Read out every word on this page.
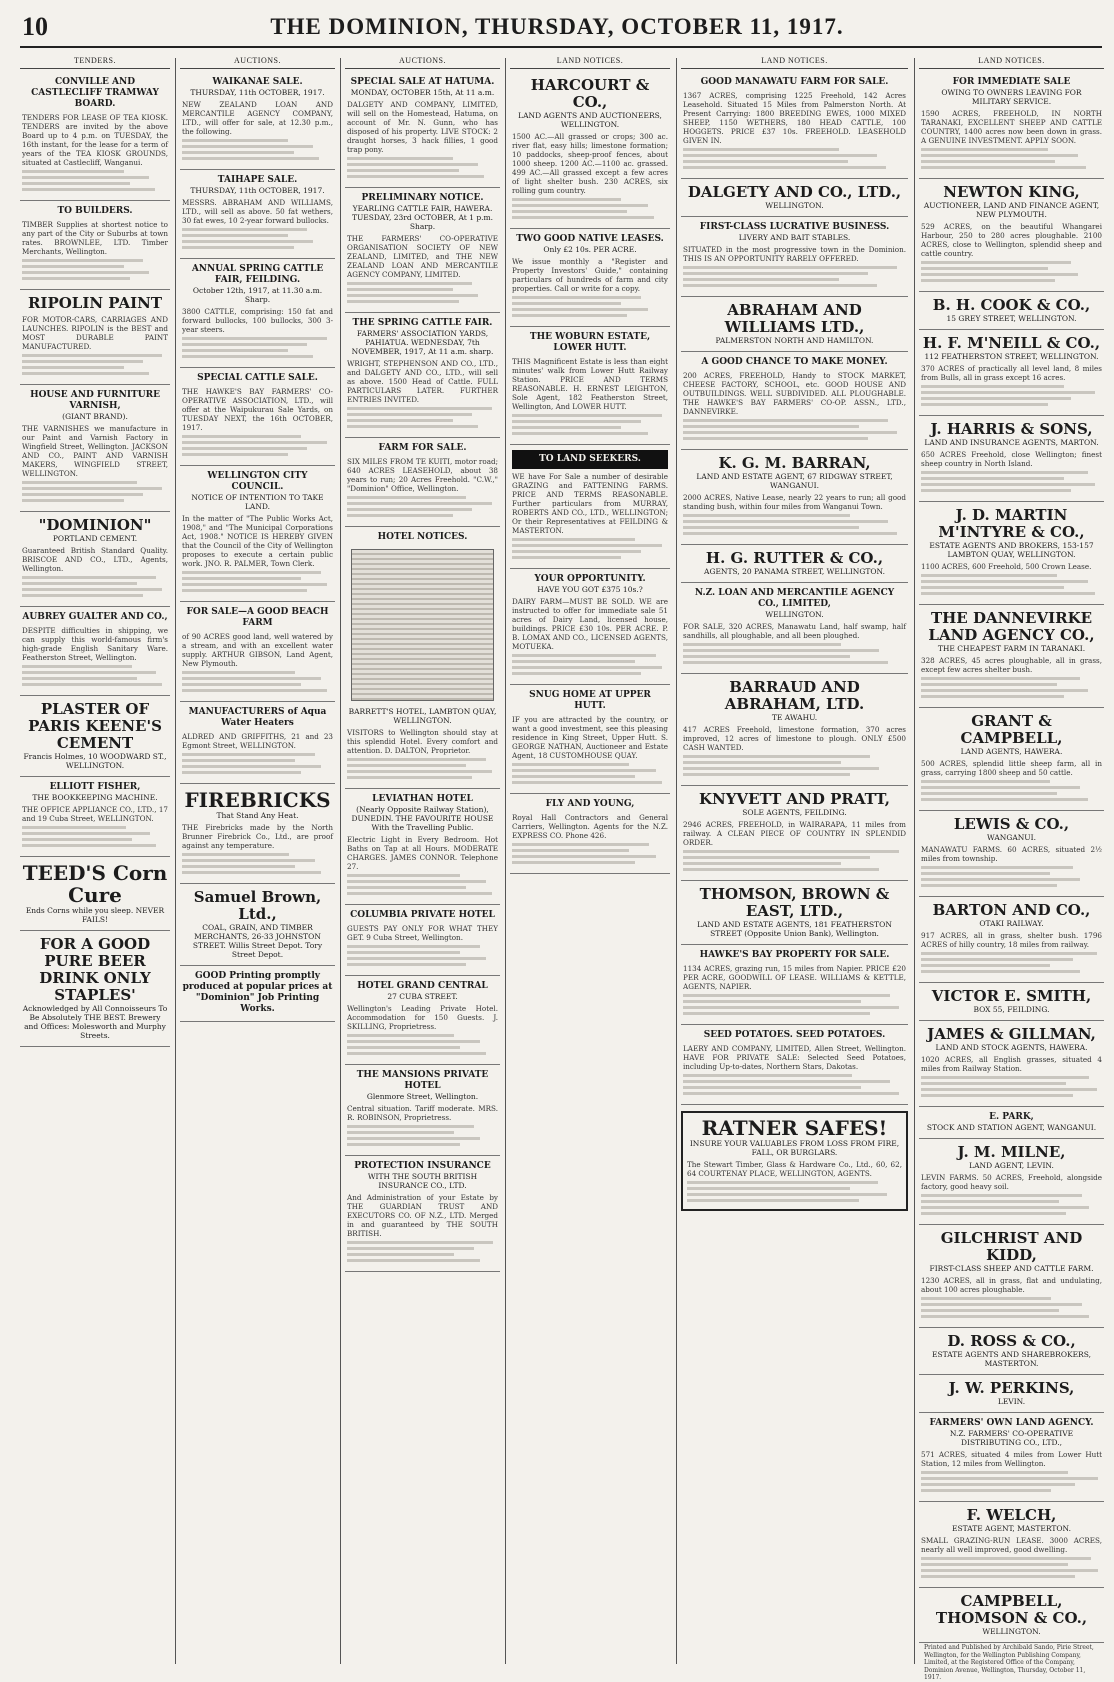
10	THE DOMINION, THURSDAY, OCTOBER 11, 1917.
TENDERS.
CONVILLE AND CASTLECLIFF TRAMWAY BOARD.
TENDERS FOR LEASE OF TEA KIOSK. TENDERS are invited by the above Board up to 4 p.m. on TUESDAY, the 16th instant, for the lease for a term of years of the TEA KIOSK GROUNDS, situated at Castlecliff, Wanganui.
TO BUILDERS.
TIMBER Supplies at shortest notice to any part of the City or Suburbs at town rates. BROWNLEE, LTD. Timber Merchants, Wellington.
RIPOLIN PAINT
FOR MOTOR-CARS, CARRIAGES AND LAUNCHES. RIPOLIN is the BEST and MOST DURABLE PAINT MANUFACTURED.
HOUSE AND FURNITURE VARNISH,
(GIANT BRAND).
THE VARNISHES we manufacture in our Paint and Varnish Factory in Wingfield Street, Wellington. JACKSON AND CO., PAINT AND VARNISH MAKERS, WINGFIELD STREET, WELLINGTON.
"DOMINION"
PORTLAND CEMENT.
Guaranteed British Standard Quality. BRISCOE AND CO., LTD., Agents, Wellington.
AUBREY GUALTER AND CO.,
DESPITE difficulties in shipping, we can supply this world-famous firm's high-grade English Sanitary Ware. Featherston Street, Wellington.
PLASTER OF PARIS KEENE'S CEMENT
Francis Holmes, 10 WOODWARD ST., WELLINGTON.
ELLIOTT FISHER,
THE BOOKKEEPING MACHINE.
THE OFFICE APPLIANCE CO., LTD., 17 and 19 Cuba Street, WELLINGTON.
TEED'S Corn Cure
Ends Corns while you sleep. NEVER FAILS!
FOR A GOOD PURE BEER DRINK ONLY STAPLES'
Acknowledged by All Connoisseurs To Be Absolutely THE BEST. Brewery and Offices: Molesworth and Murphy Streets.
AUCTIONS.
WAIKANAE SALE.
THURSDAY, 11th OCTOBER, 1917.
NEW ZEALAND LOAN AND MERCANTILE AGENCY COMPANY, LTD., will offer for sale, at 12.30 p.m., the following.
TAIHAPE SALE.
THURSDAY, 11th OCTOBER, 1917.
MESSRS. ABRAHAM AND WILLIAMS, LTD., will sell as above. 50 fat wethers, 30 fat ewes, 10 2-year forward bullocks.
ANNUAL SPRING CATTLE FAIR, FEILDING.
October 12th, 1917, at 11.30 a.m. Sharp.
3800 CATTLE, comprising: 150 fat and forward bullocks, 100 bullocks, 300 3-year steers.
SPECIAL CATTLE SALE.
THE HAWKE'S BAY FARMERS' CO-OPERATIVE ASSOCIATION, LTD., will offer at the Waipukurau Sale Yards, on TUESDAY NEXT, the 16th OCTOBER, 1917.
WELLINGTON CITY COUNCIL.
NOTICE OF INTENTION TO TAKE LAND.
In the matter of "The Public Works Act, 1908," and "The Municipal Corporations Act, 1908." NOTICE IS HEREBY GIVEN that the Council of the City of Wellington proposes to execute a certain public work. JNO. R. PALMER, Town Clerk.
FOR SALE—A GOOD BEACH FARM
of 90 ACRES good land, well watered by a stream, and with an excellent water supply. ARTHUR GIBSON, Land Agent, New Plymouth.
MANUFACTURERS of Aqua Water Heaters
ALDRED AND GRIFFITHS, 21 and 23 Egmont Street, WELLINGTON.
FIREBRICKS
That Stand Any Heat.
THE Firebricks made by the North Brunner Firebrick Co., Ltd., are proof against any temperature.
Samuel Brown, Ltd.,
COAL, GRAIN, AND TIMBER MERCHANTS, 26-33 JOHNSTON STREET. Willis Street Depot. Tory Street Depot.
GOOD Printing promptly produced at popular prices at "Dominion" Job Printing Works.
AUCTIONS.
SPECIAL SALE AT HATUMA.
MONDAY, OCTOBER 15th, At 11 a.m.
DALGETY AND COMPANY, LIMITED, will sell on the Homestead, Hatuma, on account of Mr. N. Gunn, who has disposed of his property. LIVE STOCK: 2 draught horses, 3 hack fillies, 1 good trap pony.
PRELIMINARY NOTICE.
YEARLING CATTLE FAIR, HAWERA. TUESDAY, 23rd OCTOBER, At 1 p.m. Sharp.
THE FARMERS' CO-OPERATIVE ORGANISATION SOCIETY OF NEW ZEALAND, LIMITED, and THE NEW ZEALAND LOAN AND MERCANTILE AGENCY COMPANY, LIMITED.
THE SPRING CATTLE FAIR.
FARMERS' ASSOCIATION YARDS, PAHIATUA. WEDNESDAY, 7th NOVEMBER, 1917, At 11 a.m. sharp.
WRIGHT, STEPHENSON AND CO., LTD., and DALGETY AND CO., LTD., will sell as above. 1500 Head of Cattle. FULL PARTICULARS LATER. FURTHER ENTRIES INVITED.
FARM FOR SALE.
SIX MILES FROM TE KUITI, motor road; 640 ACRES LEASEHOLD, about 38 years to run; 20 Acres Freehold. "C.W.," "Dominion" Office, Wellington.
HOTEL NOTICES.
BARRETT'S HOTEL, LAMBTON QUAY, WELLINGTON.
VISITORS to Wellington should stay at this splendid Hotel. Every comfort and attention. D. DALTON, Proprietor.
LEVIATHAN HOTEL
(Nearly Opposite Railway Station), DUNEDIN. THE FAVOURITE HOUSE With the Travelling Public.
Electric Light in Every Bedroom. Hot Baths on Tap at all Hours. MODERATE CHARGES. JAMES CONNOR. Telephone 27.
COLUMBIA PRIVATE HOTEL
GUESTS PAY ONLY FOR WHAT THEY GET. 9 Cuba Street, Wellington.
HOTEL GRAND CENTRAL
27 CUBA STREET.
Wellington's Leading Private Hotel. Accommodation for 150 Guests. J. SKILLING, Proprietress.
THE MANSIONS PRIVATE HOTEL
Glenmore Street, Wellington.
Central situation. Tariff moderate. MRS. R. ROBINSON, Proprietress.
PROTECTION INSURANCE
WITH THE SOUTH BRITISH INSURANCE CO., LTD.
And Administration of your Estate by THE GUARDIAN TRUST AND EXECUTORS CO. OF N.Z., LTD. Merged in and guaranteed by THE SOUTH BRITISH.
LAND NOTICES.
HARCOURT & CO.,
LAND AGENTS AND AUCTIONEERS, WELLINGTON.
1500 AC.—All grassed or crops; 300 ac. river flat, easy hills; limestone formation; 10 paddocks, sheep-proof fences, about 1000 sheep. 1200 AC.—1100 ac. grassed. 499 AC.—All grassed except a few acres of light shelter bush. 230 ACRES, six rolling gum country.
TWO GOOD NATIVE LEASES.
Only £2 10s. PER ACRE.
We issue monthly a "Register and Property Investors' Guide," containing particulars of hundreds of farm and city properties. Call or write for a copy.
THE WOBURN ESTATE, LOWER HUTT.
THIS Magnificent Estate is less than eight minutes' walk from Lower Hutt Railway Station. PRICE AND TERMS REASONABLE. H. ERNEST LEIGHTON, Sole Agent, 182 Featherston Street, Wellington, And LOWER HUTT.
TO LAND SEEKERS.
WE have For Sale a number of desirable GRAZING and FATTENING FARMS. PRICE AND TERMS REASONABLE. Further particulars from MURRAY, ROBERTS AND CO., LTD., WELLINGTON; Or their Representatives at FEILDING & MASTERTON.
YOUR OPPORTUNITY.
HAVE YOU GOT £375 10s.?
DAIRY FARM—MUST BE SOLD. WE are instructed to offer for immediate sale 51 acres of Dairy Land, licensed house, buildings. PRICE £30 10s. PER ACRE. P. B. LOMAX AND CO., LICENSED AGENTS, MOTUEKA.
SNUG HOME AT UPPER HUTT.
IF you are attracted by the country, or want a good investment, see this pleasing residence in King Street, Upper Hutt. S. GEORGE NATHAN, Auctioneer and Estate Agent, 18 CUSTOMHOUSE QUAY.
FLY AND YOUNG,
Royal Hall Contractors and General Carriers, Wellington. Agents for the N.Z. EXPRESS CO. Phone 426.
LAND NOTICES.
GOOD MANAWATU FARM FOR SALE.
1367 ACRES, comprising 1225 Freehold, 142 Acres Leasehold. Situated 15 Miles from Palmerston North. At Present Carrying: 1800 BREEDING EWES, 1000 MIXED SHEEP, 1150 WETHERS, 180 HEAD CATTLE, 100 HOGGETS. PRICE £37 10s. FREEHOLD. LEASEHOLD GIVEN IN.
DALGETY AND CO., LTD.,
WELLINGTON.
FIRST-CLASS LUCRATIVE BUSINESS.
LIVERY AND BAIT STABLES.
SITUATED in the most progressive town in the Dominion. THIS IS AN OPPORTUNITY RARELY OFFERED.
ABRAHAM AND WILLIAMS LTD.,
PALMERSTON NORTH AND HAMILTON.
A GOOD CHANCE TO MAKE MONEY.
200 ACRES, FREEHOLD, Handy to STOCK MARKET, CHEESE FACTORY, SCHOOL, etc. GOOD HOUSE AND OUTBUILDINGS. WELL SUBDIVIDED. ALL PLOUGHABLE. THE HAWKE'S BAY FARMERS' CO-OP. ASSN., LTD., DANNEVIRKE.
K. G. M. BARRAN,
LAND AND ESTATE AGENT, 67 RIDGWAY STREET, WANGANUI.
2000 ACRES, Native Lease, nearly 22 years to run; all good standing bush, within four miles from Wanganui Town.
H. G. RUTTER & CO.,
AGENTS, 20 PANAMA STREET, WELLINGTON.
N.Z. LOAN AND MERCANTILE AGENCY CO., LIMITED,
WELLINGTON.
FOR SALE, 320 ACRES, Manawatu Land, half swamp, half sandhills, all ploughable, and all been ploughed.
BARRAUD AND ABRAHAM, LTD.
TE AWAHU.
417 ACRES Freehold, limestone formation, 370 acres improved, 12 acres of limestone to plough. ONLY £500 CASH WANTED.
KNYVETT AND PRATT,
SOLE AGENTS, FEILDING.
2946 ACRES, FREEHOLD, in WAIRARAPA, 11 miles from railway. A CLEAN PIECE OF COUNTRY IN SPLENDID ORDER.
THOMSON, BROWN & EAST, LTD.,
LAND AND ESTATE AGENTS, 181 FEATHERSTON STREET (Opposite Union Bank), Wellington.
HAWKE'S BAY PROPERTY FOR SALE.
1134 ACRES, grazing run, 15 miles from Napier. PRICE £20 PER ACRE, GOODWILL OF LEASE. WILLIAMS & KETTLE, AGENTS, NAPIER.
SEED POTATOES. SEED POTATOES.
LAERY AND COMPANY, LIMITED, Allen Street, Wellington. HAVE FOR PRIVATE SALE: Selected Seed Potatoes, including Up-to-dates, Northern Stars, Dakotas.
RATNER SAFES!
INSURE YOUR VALUABLES FROM LOSS FROM FIRE, FALL, OR BURGLARS.
The Stewart Timber, Glass & Hardware Co., Ltd., 60, 62, 64 COURTENAY PLACE, WELLINGTON, AGENTS.
LAND NOTICES.
FOR IMMEDIATE SALE
OWING TO OWNERS LEAVING FOR MILITARY SERVICE.
1590 ACRES, FREEHOLD, IN NORTH TARANAKI, EXCELLENT SHEEP AND CATTLE COUNTRY, 1400 acres now been down in grass. A GENUINE INVESTMENT. APPLY SOON.
NEWTON KING,
AUCTIONEER, LAND AND FINANCE AGENT, NEW PLYMOUTH.
529 ACRES, on the beautiful Whangarei Harbour, 250 to 280 acres ploughable. 2100 ACRES, close to Wellington, splendid sheep and cattle country.
B. H. COOK & CO.,
15 GREY STREET, WELLINGTON.
H. F. M'NEILL & CO.,
112 FEATHERSTON STREET, WELLINGTON.
370 ACRES of practically all level land, 8 miles from Bulls, all in grass except 16 acres.
J. HARRIS & SONS,
LAND AND INSURANCE AGENTS, MARTON.
650 ACRES Freehold, close Wellington; finest sheep country in North Island.
J. D. MARTIN M'INTYRE & CO.,
ESTATE AGENTS AND BROKERS, 153-157 LAMBTON QUAY, WELLINGTON.
1100 ACRES, 600 Freehold, 500 Crown Lease.
THE DANNEVIRKE LAND AGENCY CO.,
THE CHEAPEST FARM IN TARANAKI.
328 ACRES, 45 acres ploughable, all in grass, except few acres shelter bush.
GRANT & CAMPBELL,
LAND AGENTS, HAWERA.
500 ACRES, splendid little sheep farm, all in grass, carrying 1800 sheep and 50 cattle.
LEWIS & CO.,
WANGANUI.
MANAWATU FARMS. 60 ACRES, situated 2½ miles from township.
BARTON AND CO.,
OTAKI RAILWAY.
917 ACRES, all in grass, shelter bush. 1796 ACRES of hilly country, 18 miles from railway.
VICTOR E. SMITH,
BOX 55, FEILDING.
JAMES & GILLMAN,
LAND AND STOCK AGENTS, HAWERA.
1020 ACRES, all English grasses, situated 4 miles from Railway Station.
E. PARK,
STOCK AND STATION AGENT, WANGANUI.
J. M. MILNE,
LAND AGENT, LEVIN.
LEVIN FARMS. 50 ACRES, Freehold, alongside factory, good heavy soil.
GILCHRIST AND KIDD,
FIRST-CLASS SHEEP AND CATTLE FARM.
1230 ACRES, all in grass, flat and undulating, about 100 acres ploughable.
D. ROSS & CO.,
ESTATE AGENTS AND SHAREBROKERS, MASTERTON.
J. W. PERKINS,
LEVIN.
FARMERS' OWN LAND AGENCY.
N.Z. FARMERS' CO-OPERATIVE DISTRIBUTING CO., LTD.,
571 ACRES, situated 4 miles from Lower Hutt Station, 12 miles from Wellington.
F. WELCH,
ESTATE AGENT, MASTERTON.
SMALL GRAZING-RUN LEASE. 3000 ACRES, nearly all well improved, good dwelling.
CAMPBELL, THOMSON & CO.,
WELLINGTON.
Printed and Published by Archibald Sando, Pirie Street, Wellington, for the Wellington Publishing Company, Limited, at the Registered Office of the Company, Dominion Avenue, Wellington, Thursday, October 11, 1917.
